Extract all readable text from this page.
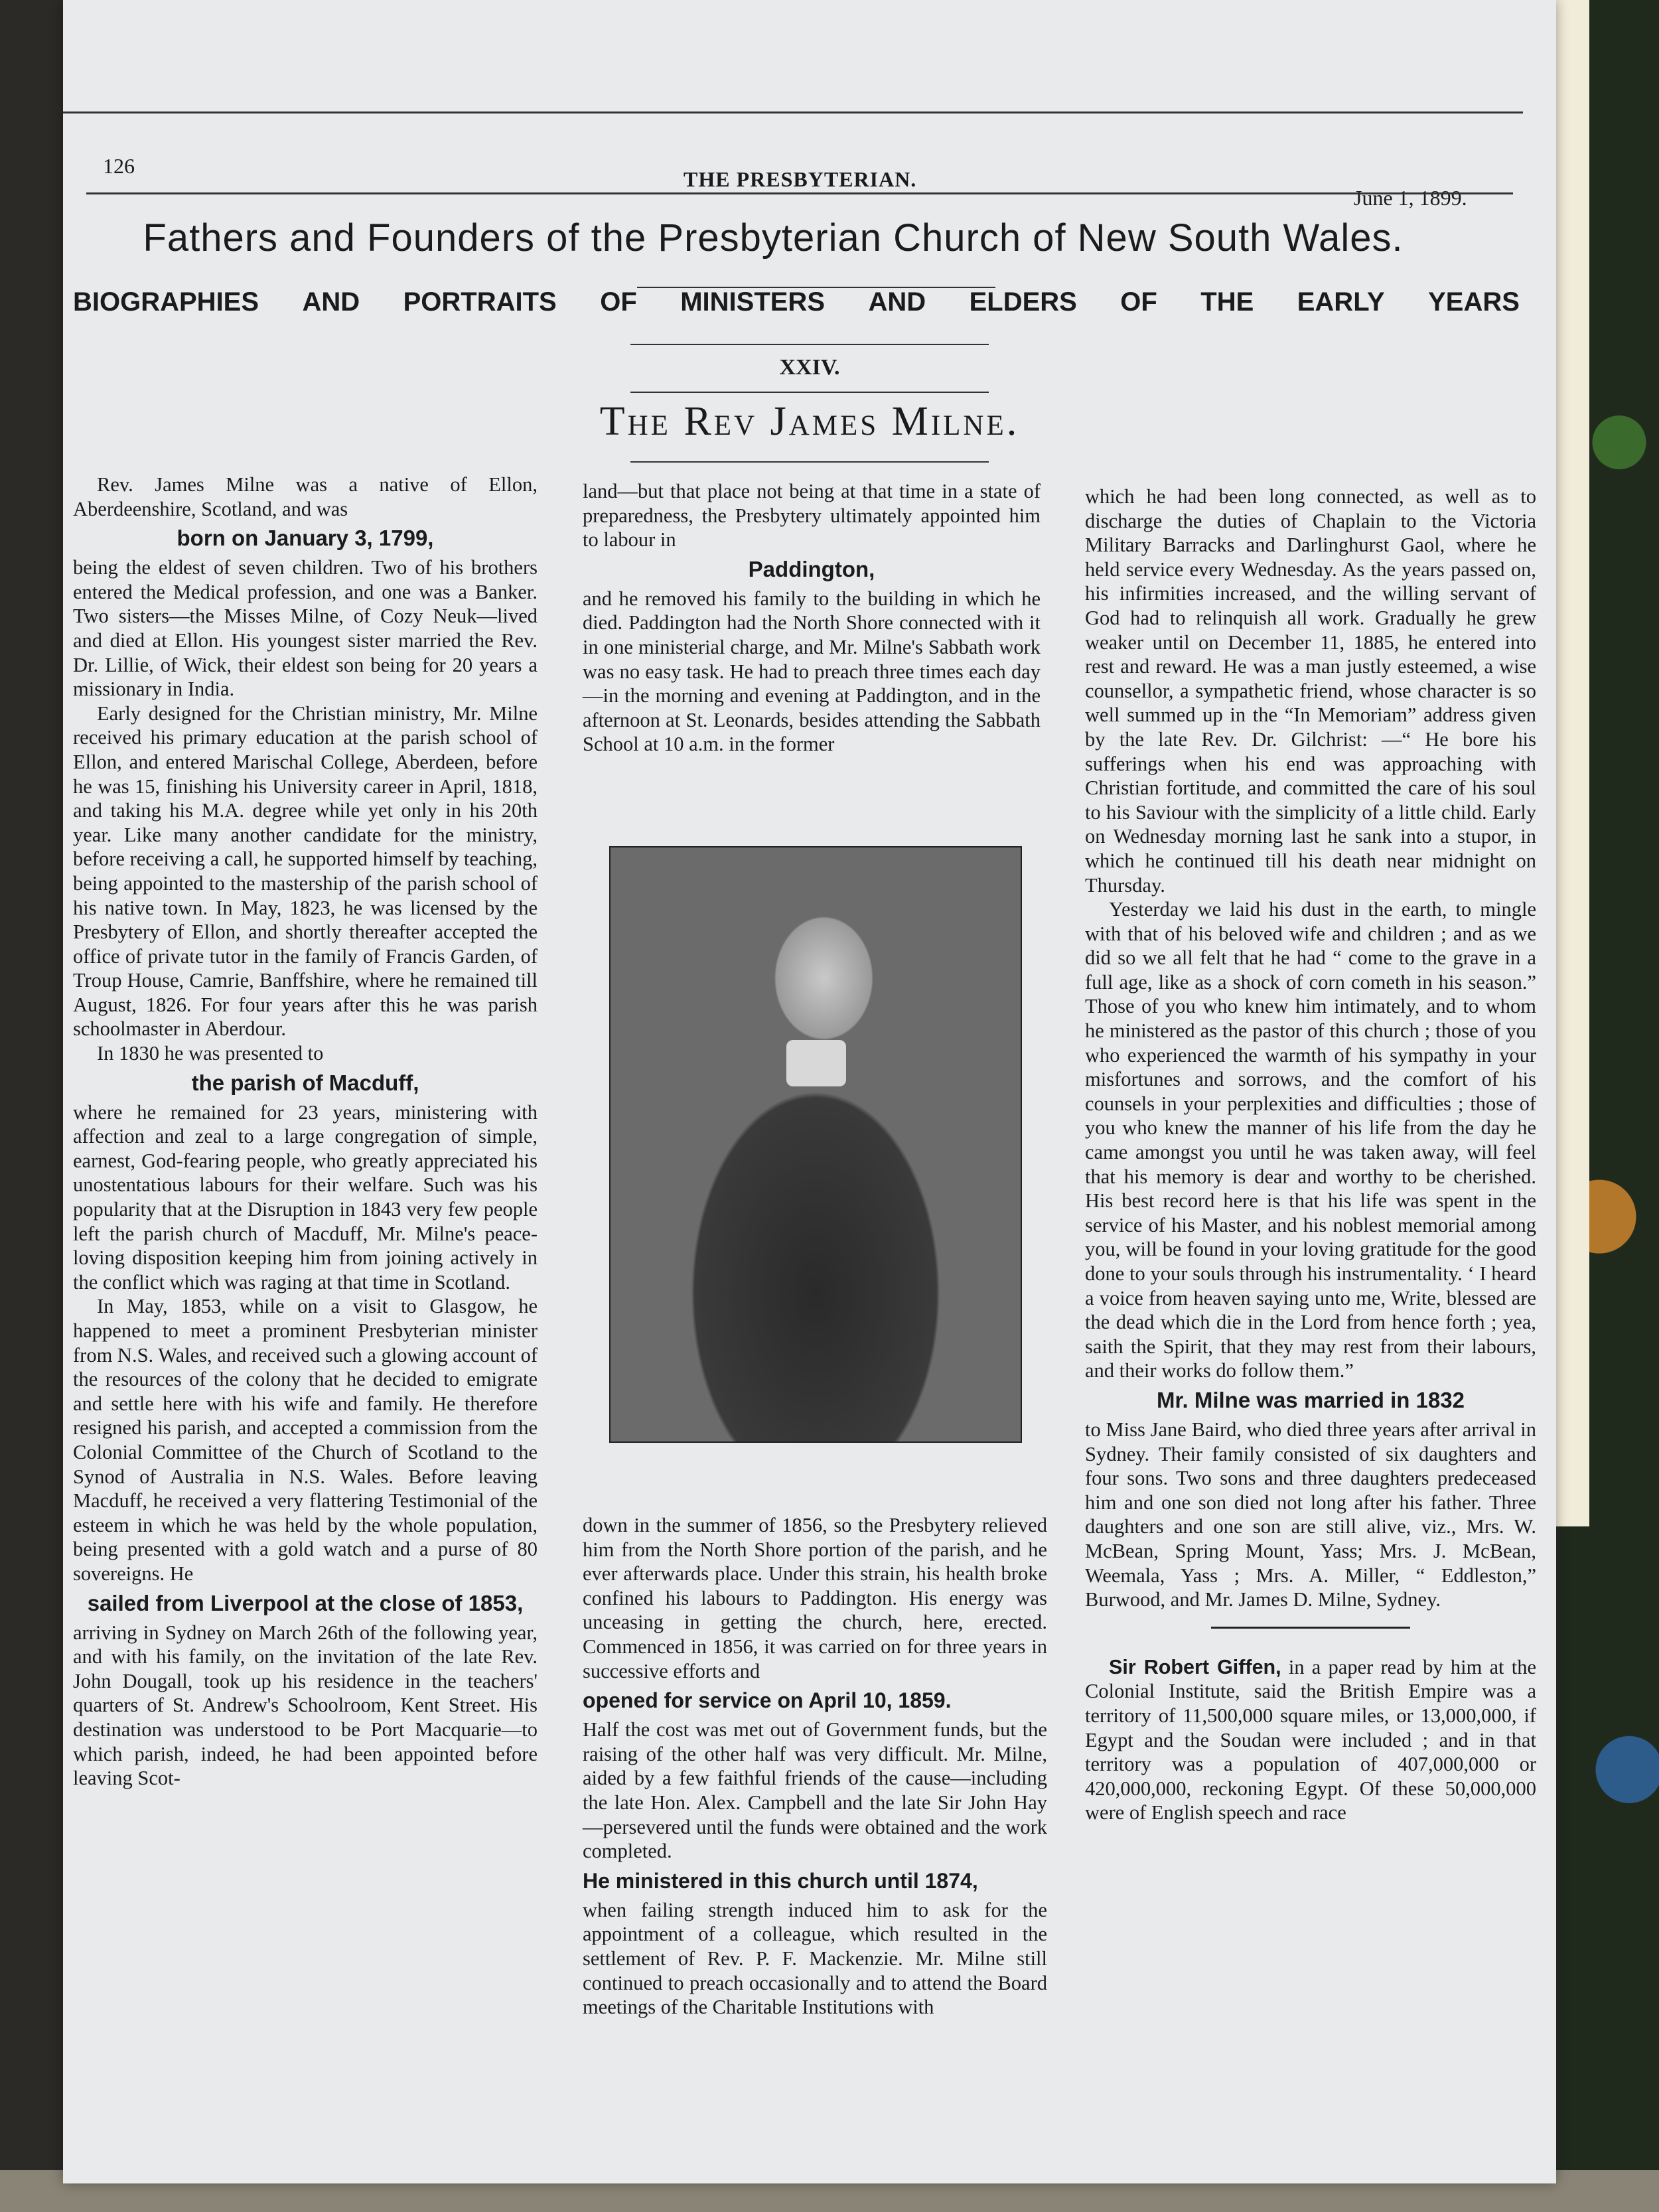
126
THE PRESBYTERIAN.
June 1, 1899.
Fathers and Founders of the Presbyterian Church of New South Wales.
BIOGRAPHIES AND PORTRAITS OF MINISTERS AND ELDERS OF THE EARLY YEARS
XXIV.
The Rev James Milne.

Rev. James Milne was a native of Ellon, Aberdeenshire, Scotland, and was

born on January 3, 1799,

being the eldest of seven children. Two of his brothers entered the Medical profession, and one was a Banker. Two sisters—the Misses Milne, of Cozy Neuk—lived and died at Ellon. His youngest sister married the Rev. Dr. Lillie, of Wick, their eldest son being for 20 years a missionary in India.

Early designed for the Christian ministry, Mr. Milne received his primary education at the parish school of Ellon, and entered Marischal College, Aberdeen, before he was 15, finishing his University career in April, 1818, and taking his M.A. degree while yet only in his 20th year. Like many another candidate for the ministry, before receiving a call, he supported himself by teaching, being appointed to the mastership of the parish school of his native town. In May, 1823, he was licensed by the Presbytery of Ellon, and shortly thereafter accepted the office of private tutor in the family of Francis Garden, of Troup House, Camrie, Banffshire, where he remained till August, 1826. For four years after this he was parish schoolmaster in Aberdour.

In 1830 he was presented to

the parish of Macduff,

where he remained for 23 years, ministering with affection and zeal to a large congregation of simple, earnest, God-fearing people, who greatly appreciated his unostentatious labours for their welfare. Such was his popularity that at the Disruption in 1843 very few people left the parish church of Macduff, Mr. Milne's peace-loving disposition keeping him from joining actively in the conflict which was raging at that time in Scotland.

In May, 1853, while on a visit to Glasgow, he happened to meet a prominent Presbyterian minister from N.S. Wales, and received such a glowing account of the resources of the colony that he decided to emigrate and settle here with his wife and family. He therefore resigned his parish, and accepted a commission from the Colonial Committee of the Church of Scotland to the Synod of Australia in N.S. Wales. Before leaving Macduff, he received a very flattering Testimonial of the esteem in which he was held by the whole population, being presented with a gold watch and a purse of 80 sovereigns. He

sailed from Liverpool at the close of 1853,

arriving in Sydney on March 26th of the following year, and with his family, on the invitation of the late Rev. John Dougall, took up his residence in the teachers' quarters of St. Andrew's Schoolroom, Kent Street. His destination was understood to be Port Macquarie—to which parish, indeed, he had been appointed before leaving Scot-

land—but that place not being at that time in a state of preparedness, the Presbytery ultimately appointed him to labour in

Paddington,

and he removed his family to the building in which he died. Paddington had the North Shore connected with it in one ministerial charge, and Mr. Milne's Sabbath work was no easy task. He had to preach three times each day—in the morning and evening at Paddington, and in the afternoon at St. Leonards, besides attending the Sabbath School at 10 a.m. in the former

down in the summer of 1856, so the Presbytery relieved him from the North Shore portion of the parish, and he ever afterwards place. Under this strain, his health broke confined his labours to Paddington. His energy was unceasing in getting the church, here, erected. Commenced in 1856, it was carried on for three years in successive efforts and

opened for service on April 10, 1859.

Half the cost was met out of Government funds, but the raising of the other half was very difficult. Mr. Milne, aided by a few faithful friends of the cause—including the late Hon. Alex. Campbell and the late Sir John Hay—persevered until the funds were obtained and the work completed.

He ministered in this church until 1874,

when failing strength induced him to ask for the appointment of a colleague, which resulted in the settlement of Rev. P. F. Mackenzie. Mr. Milne still continued to preach occasionally and to attend the Board meetings of the Charitable Institutions with

which he had been long connected, as well as to discharge the duties of Chaplain to the Victoria Military Barracks and Darlinghurst Gaol, where he held service every Wednesday. As the years passed on, his infirmities increased, and the willing servant of God had to relinquish all work. Gradually he grew weaker until on December 11, 1885, he entered into rest and reward. He was a man justly esteemed, a wise counsellor, a sympathetic friend, whose character is so well summed up in the “In Memoriam” address given by the late Rev. Dr. Gilchrist: —“ He bore his sufferings when his end was approaching with Christian fortitude, and committed the care of his soul to his Saviour with the simplicity of a little child. Early on Wednesday morning last he sank into a stupor, in which he continued till his death near midnight on Thursday.

Yesterday we laid his dust in the earth, to mingle with that of his beloved wife and children ; and as we did so we all felt that he had “ come to the grave in a full age, like as a shock of corn cometh in his season.” Those of you who knew him intimately, and to whom he ministered as the pastor of this church ; those of you who experienced the warmth of his sympathy in your misfortunes and sorrows, and the comfort of his counsels in your perplexities and difficulties ; those of you who knew the manner of his life from the day he came amongst you until he was taken away, will feel that his memory is dear and worthy to be cherished. His best record here is that his life was spent in the service of his Master, and his noblest memorial among you, will be found in your loving gratitude for the good done to your souls through his instrumentality. ‘ I heard a voice from heaven saying unto me, Write, blessed are the dead which die in the Lord from hence forth ; yea, saith the Spirit, that they may rest from their labours, and their works do follow them.”

Mr. Milne was married in 1832

to Miss Jane Baird, who died three years after arrival in Sydney. Their family consisted of six daughters and four sons. Two sons and three daughters predeceased him and one son died not long after his father. Three daughters and one son are still alive, viz., Mrs. W. McBean, Spring Mount, Yass; Mrs. J. McBean, Weemala, Yass ; Mrs. A. Miller, “ Eddleston,” Burwood, and Mr. James D. Milne, Sydney.

Sir Robert Giffen, in a paper read by him at the Colonial Institute, said the British Empire was a territory of 11,500,000 square miles, or 13,000,000, if Egypt and the Soudan were included ; and in that territory was a population of 407,000,000 or 420,000,000, reckoning Egypt. Of these 50,000,000 were of English speech and race
